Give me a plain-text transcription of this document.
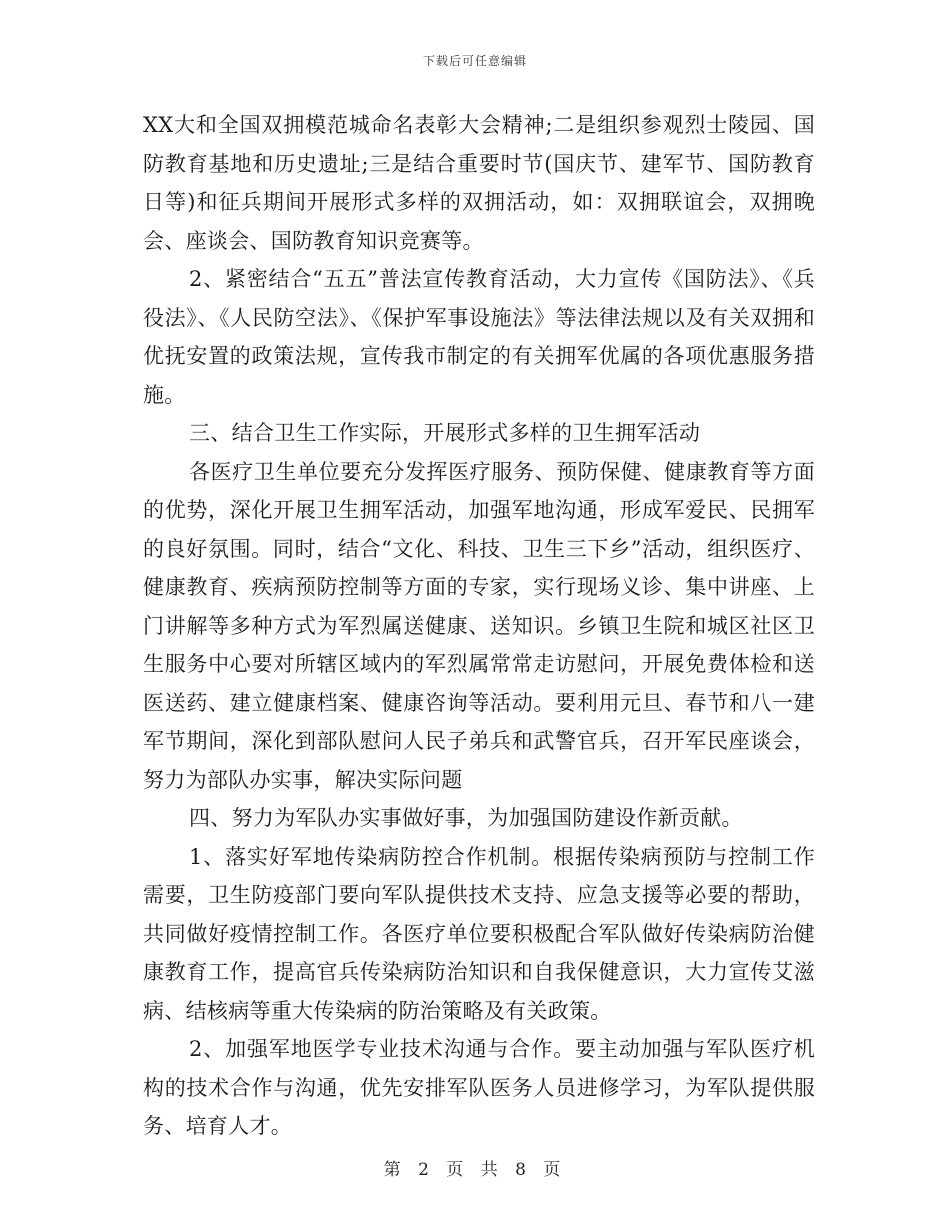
下载后可任意编辑

XX大和全国双拥模范城命名表彰大会精神;二是组织参观烈士陵园、国防教育基地和历史遗址;三是结合重要时节(国庆节、建军节、国防教育日等)和征兵期间开展形式多样的双拥活动，如：双拥联谊会，双拥晚会、座谈会、国防教育知识竞赛等。

2、紧密结合“五五”普法宣传教育活动，大力宣传《国防法》、《兵役法》、《人民防空法》、《保护军事设施法》等法律法规以及有关双拥和优抚安置的政策法规，宣传我市制定的有关拥军优属的各项优惠服务措施。

三、结合卫生工作实际，开展形式多样的卫生拥军活动

各医疗卫生单位要充分发挥医疗服务、预防保健、健康教育等方面的优势，深化开展卫生拥军活动，加强军地沟通，形成军爱民、民拥军的良好氛围。同时，结合“文化、科技、卫生三下乡”活动，组织医疗、健康教育、疾病预防控制等方面的专家，实行现场义诊、集中讲座、上门讲解等多种方式为军烈属送健康、送知识。乡镇卫生院和城区社区卫生服务中心要对所辖区域内的军烈属常常走访慰问，开展免费体检和送医送药、建立健康档案、健康咨询等活动。要利用元旦、春节和八一建军节期间，深化到部队慰问人民子弟兵和武警官兵，召开军民座谈会，努力为部队办实事，解决实际问题

四、努力为军队办实事做好事，为加强国防建设作新贡献。

1、落实好军地传染病防控合作机制。根据传染病预防与控制工作需要，卫生防疫部门要向军队提供技术支持、应急支援等必要的帮助，共同做好疫情控制工作。各医疗单位要积极配合军队做好传染病防治健康教育工作，提高官兵传染病防治知识和自我保健意识，大力宣传艾滋病、结核病等重大传染病的防治策略及有关政策。

2、加强军地医学专业技术沟通与合作。要主动加强与军队医疗机构的技术合作与沟通，优先安排军队医务人员进修学习，为军队提供服务、培育人才。

第 2 页 共 8 页
